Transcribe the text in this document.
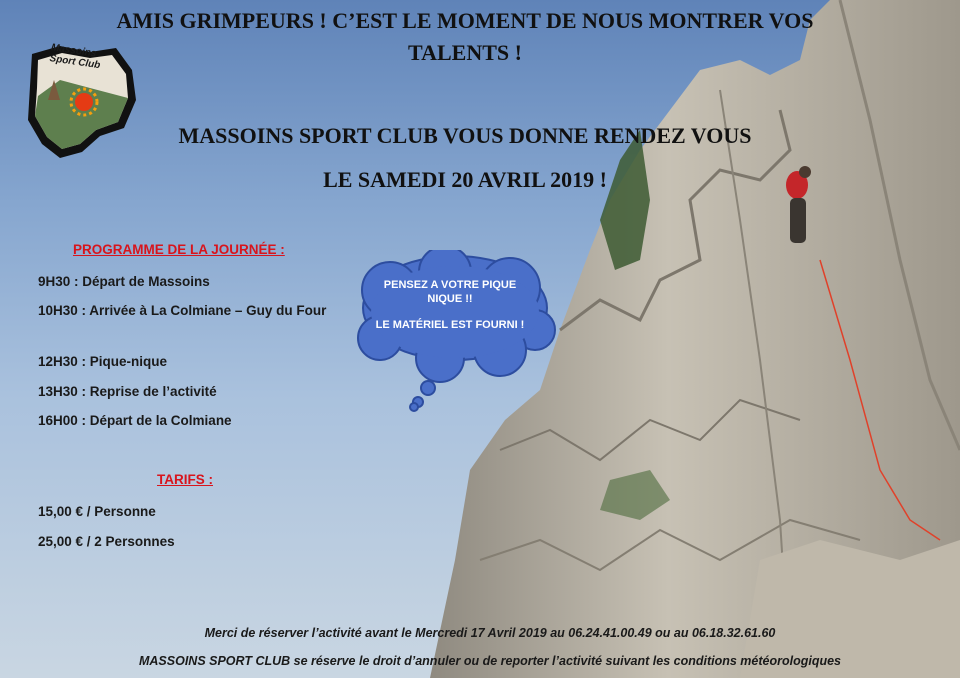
AMIS GRIMPEURS ! C’EST LE MOMENT DE NOUS MONTRER VOS
TALENTS !
MASSOINS SPORT CLUB VOUS DONNE RENDEZ VOUS
LE SAMEDI 20 AVRIL 2019 !
Massoins Sport Club
PROGRAMME DE LA JOURNÉE :
9H30 : Départ de Massoins
10H30 : Arrivée à La Colmiane – Guy du Four
12H30 : Pique-nique
13H30 : Reprise de l’activité
16H00 : Départ de la Colmiane
TARIFS :
15,00 € / Personne
25,00 € / 2 Personnes
PENSEZ A VOTRE PIQUE NIQUE !!
LE MATÉRIEL EST FOURNI !
Merci de réserver l’activité avant le Mercredi 17 Avril 2019 au 06.24.41.00.49 ou au 06.18.32.61.60
MASSOINS SPORT CLUB se réserve le droit d’annuler ou de reporter l’activité suivant les conditions météorologiques
